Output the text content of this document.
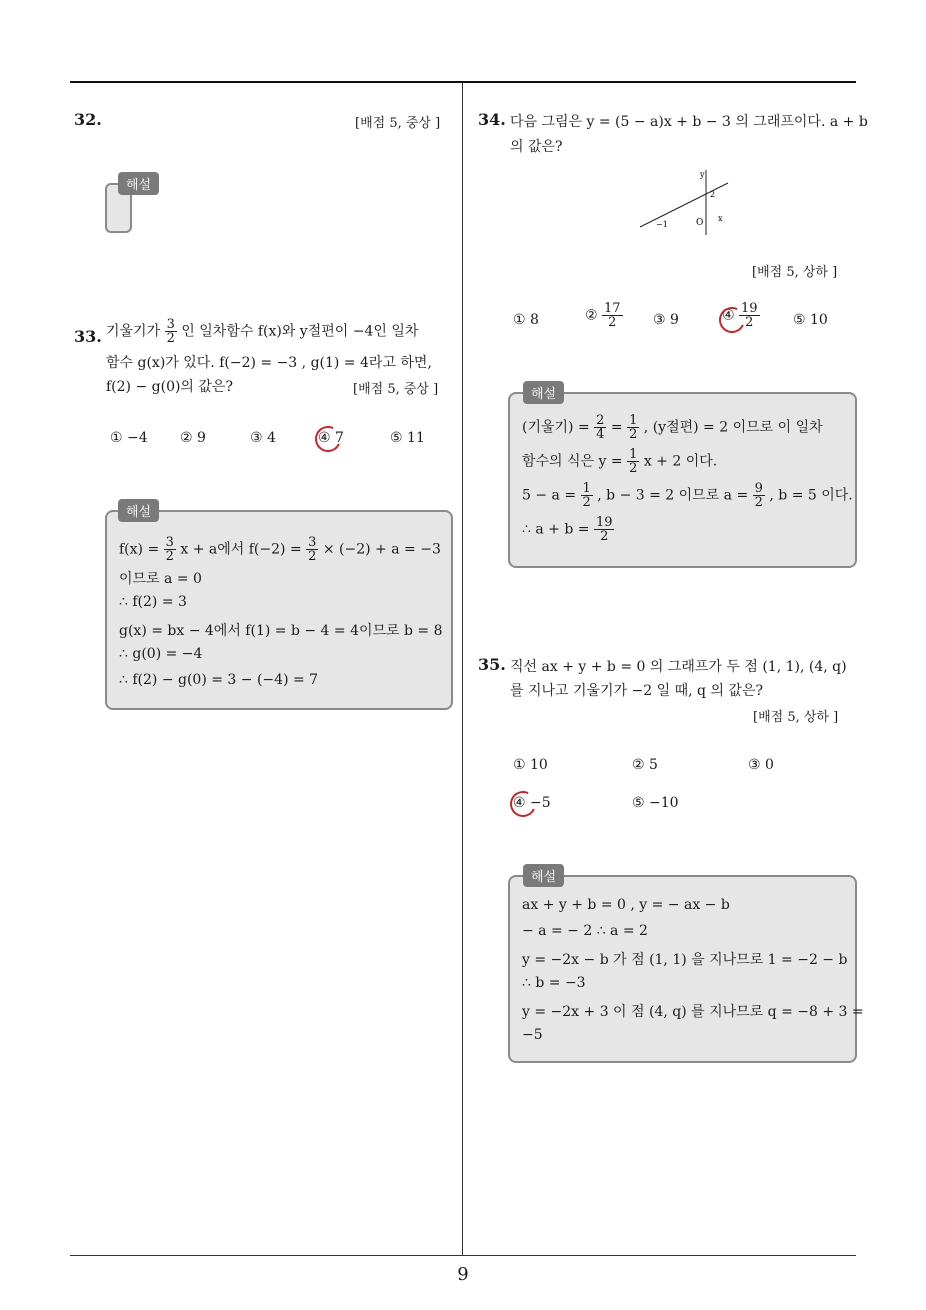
9
32.	[배점 5, 중상 ]
해설
33. 기울기가 $\frac{3}{2}$ 인 일차함수 f(x)와 y절편이 −4인 일차
함수 g(x)가 있다. f(−2) = −3 , g(1) = 4라고 하면,
f(2) − g(0)의 값은?	[배점 5, 중상 ]
① −4 ② 9	③ 4	④ 7	⑤ 11
$f(x) = \frac{3}{2}$ x + a에서 $f(-2) = \frac{3}{2} \times (-2) + a = -3$
이므로 a = 0
∴ f(2) = 3
g(x) = bx − 4에서 f(1) = b − 4 = 4이므로 b = 8
∴ g(0) = −4
∴ f(2) − g(0) = 3 − (−4) = 7
해설
34. 다음 그림은 y = (5 − a)x + b − 3 의 그래프이다. a + b
의 값은?
y
2
O x
−1
[배점 5, 상하 ]
① 8	② $\frac{17}{2}$ ③ 9	④ $\frac{19}{2}$ ⑤ 10
(기울기) = $\frac{2}{4} = \frac{1}{2}$ , (y절편) = 2 이므로 이 일차
함수의 식은 $y = \frac{1}{2}$ x + 2 이다.
$5 - a = \frac{1}{2}$ , b − 3 = 2 이므로 $a = \frac{9}{2}$ , b = 5 이다.
∴ $a + b = \frac{19}{2}$
해설
35. 직선 ax + y + b = 0 의 그래프가 두 점 (1, 1), (4, q)
를 지나고 기울기가 −2 일 때, q 의 값은?
[배점 5, 상하 ]
① 10	② 5	③ 0
④ −5	⑤ −10
ax + y + b = 0 , y = − ax − b
− a = − 2 ∴ a = 2
y = −2x − b 가 점 (1, 1) 을 지나므로 1 = −2 − b
∴ b = −3
y = −2x + 3 이 점 (4, q) 를 지나므로 q = −8 + 3 =
−5
해설
